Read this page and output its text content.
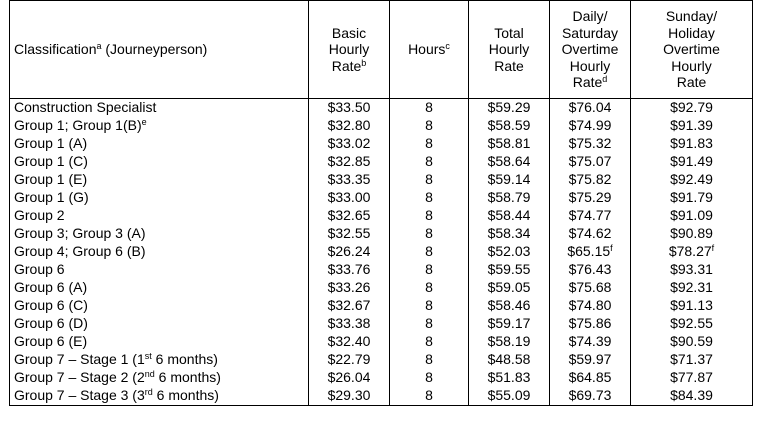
Classification$^a$ (Journeyperson)	Basic
Hourly
Rate$^b$	Hours$^c$	Total
Hourly
Rate	Daily/
Saturday
Overtime
Hourly
Rate$^d$	Sunday/
Holiday
Overtime
Hourly
Rate

Construction Specialist	$33.50	8	$59.29	$76.04	$92.79
Group 1; Group $1(B)^e$	$32.80	8	$58.59	$74.99	$91.39
Group 1 (A)	$33.02	8	$58.81	$75.32	$91.83
Group 1 (C)	$32.85	8	$58.64	$75.07	$91.49
Group 1 (E)	$33.35	8	$59.14	$75.82	$92.49
Group 1 (G)	$33.00	8	$58.79	$75.29	$91.79
Group 2	$32.65	8	$58.44	$74.77	$91.09
Group 3; Group 3 (A)	$32.55	8	$58.34	$74.62	$90.89
Group 4; Group 6 (B)	$26.24	8	$52.03	$65.15$^f$	$78.27$^f$
Group 6	$33.76	8	$59.55	$76.43	$93.31
Group 6 (A)	$33.26	8	$59.05	$75.68	$92.31
Group 6 (C)	$32.67	8	$58.46	$74.80	$91.13
Group 6 (D)	$33.38	8	$59.17	$75.86	$92.55
Group 6 (E)	$32.40	8	$58.19	$74.39	$90.59
Group 7 – Stage 1 (1st 6 months)	$22.79	8	$48.58	$59.97	$71.37
Group 7 – Stage 2 (2nd 6 months)	$26.04	8	$51.83	$64.85	$77.87
Group 7 – Stage 3 (3rd 6 months)	$29.30	8	$55.09	$69.73	$84.39
